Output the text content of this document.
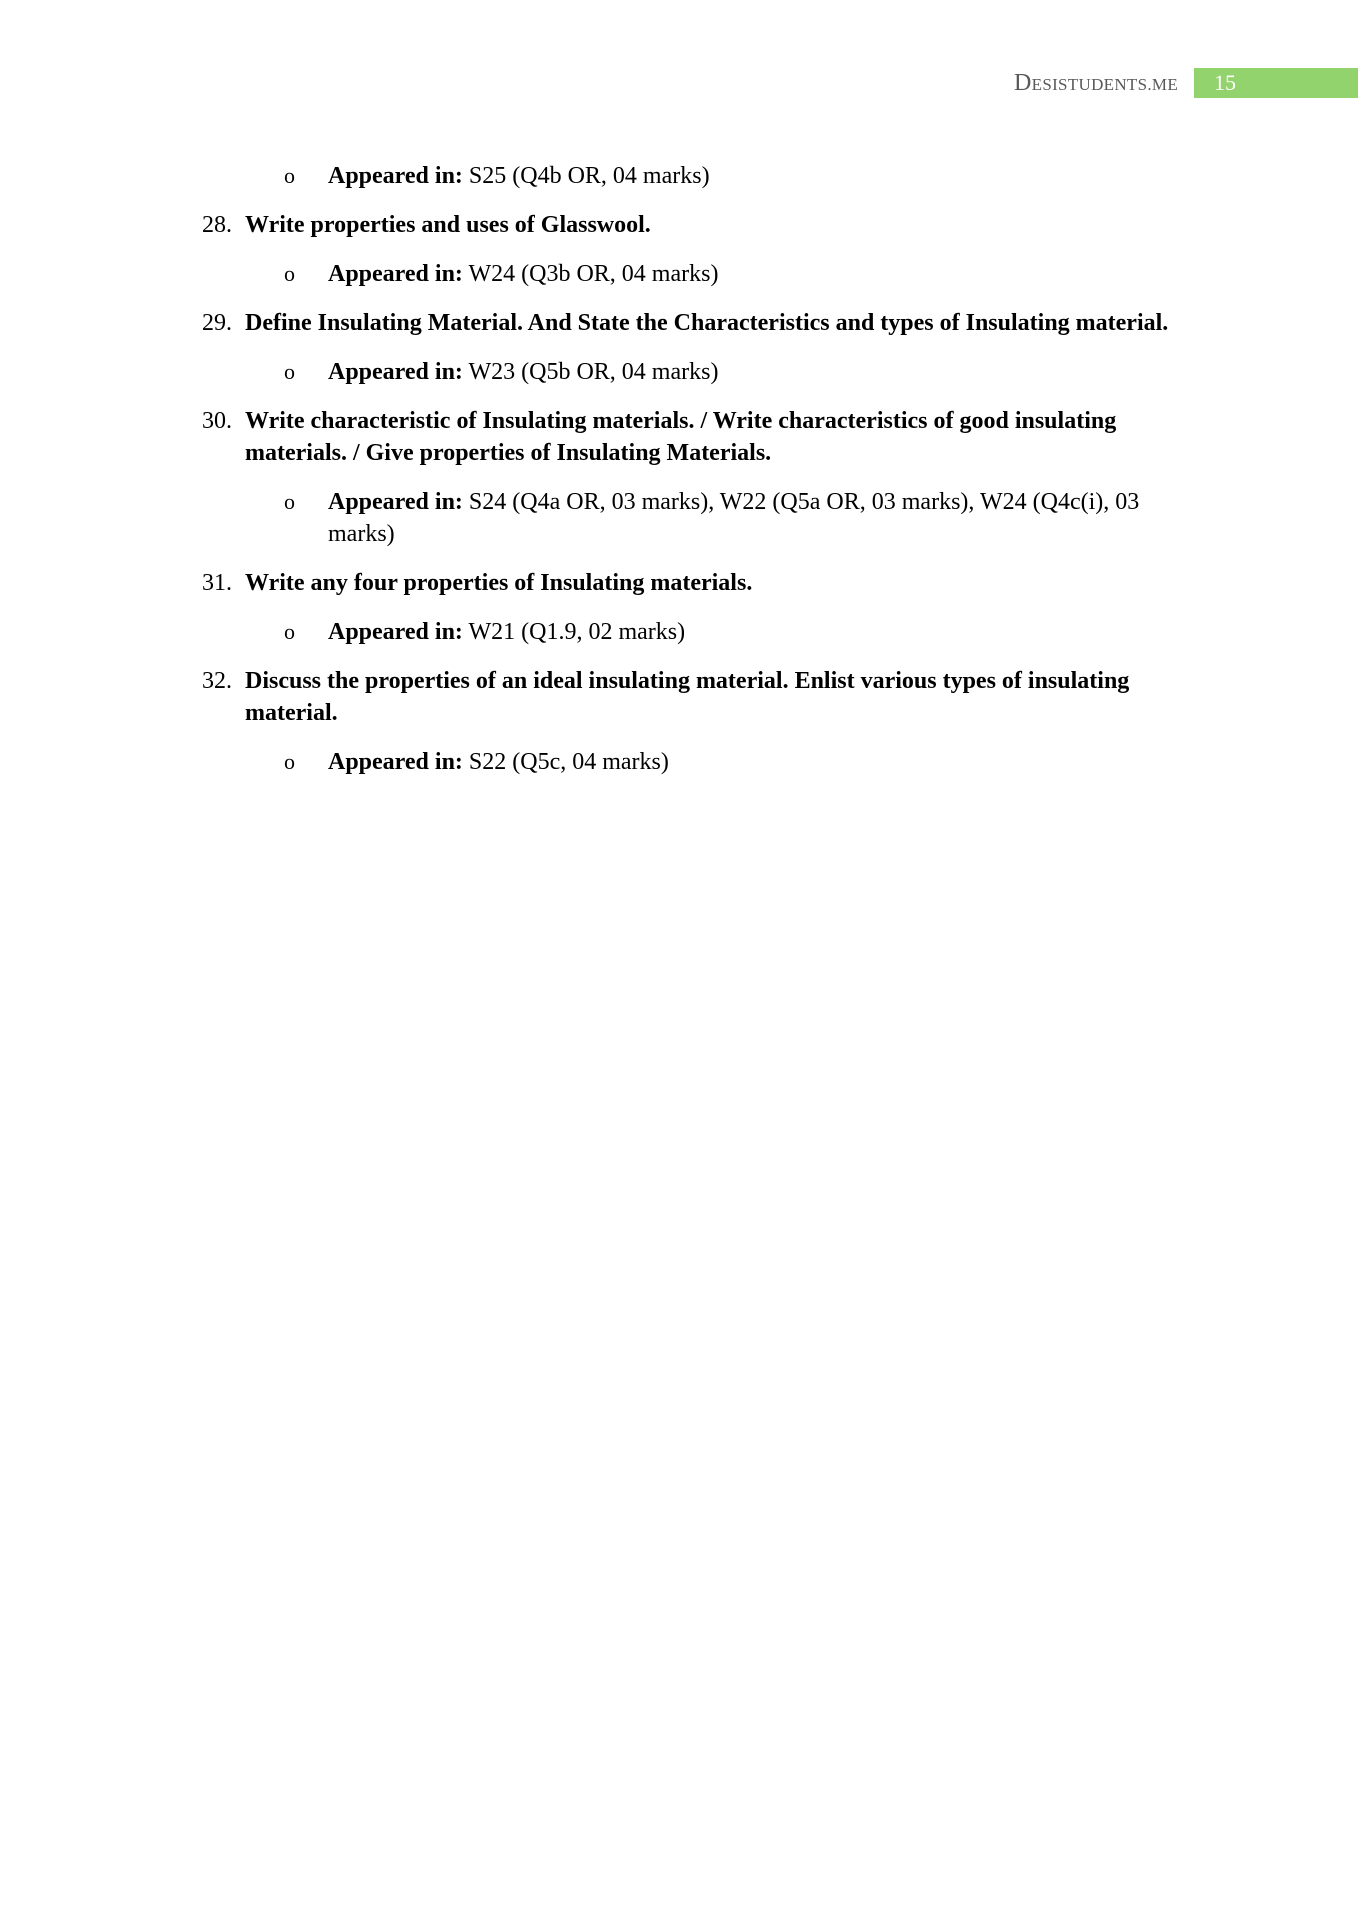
DESISTUDENTS.ME 15
o Appeared in: S25 (Q4b OR, 04 marks)
28. Write properties and uses of Glasswool.
o Appeared in: W24 (Q3b OR, 04 marks)
29. Define Insulating Material. And State the Characteristics and types of Insulating material.
o Appeared in: W23 (Q5b OR, 04 marks)
30. Write characteristic of Insulating materials. / Write characteristics of good insulating materials. / Give properties of Insulating Materials.
o Appeared in: S24 (Q4a OR, 03 marks), W22 (Q5a OR, 03 marks), W24 (Q4c(i), 03 marks)
31. Write any four properties of Insulating materials.
o Appeared in: W21 (Q1.9, 02 marks)
32. Discuss the properties of an ideal insulating material. Enlist various types of insulating material.
o Appeared in: S22 (Q5c, 04 marks)
